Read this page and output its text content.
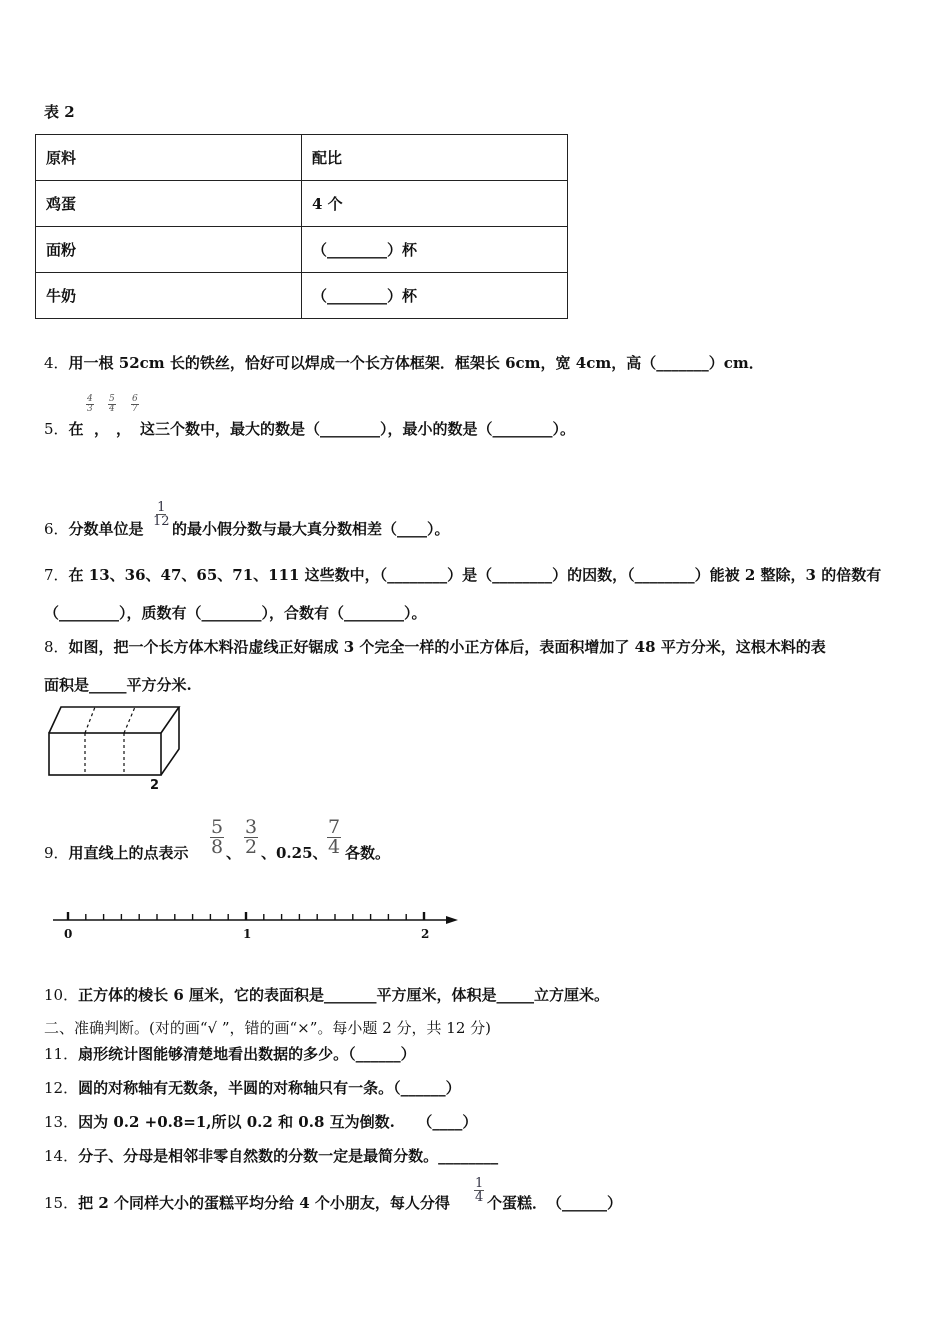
表 2
原料	配比
鸡蛋	4 个
面粉	（________）杯
牛奶	（________）杯
4．用一根 52cm 长的铁丝，恰好可以焊成一个长方体框架．框架长 6cm，宽 4cm，高（_______）cm．
5．在
$\frac{4}{3}$
，
$\frac{5}{4}$
，
$\frac{6}{7}$
这三个数中，最大的数是（________），最小的数是（________）。
6．分数单位是
$\frac{1}{12}$
的最小假分数与最大真分数相差（____）。
7．在 13、36、47、65、71、111 这些数中，（________）是（________）的因数，（________）能被 2 整除，3 的倍数有
（________），质数有（________），合数有（________）。
8．如图，把一个长方体木料沿虚线正好锯成 3 个完全一样的小正方体后，表面积增加了 48 平方分米，这根木料的表
面积是_____平方分米.
2
9．用直线上的点表示 $\frac{5}{8}$ 、 $\frac{3}{2}$ 、0.25、 $\frac{7}{4}$ 各数。
0	1	2
10．正方体的棱长 6 厘米，它的表面积是_______平方厘米，体积是_____立方厘米。
二、准确判断。(对的画“√ ”，错的画“×”。每小题 2 分，共 12 分)
11．扇形统计图能够清楚地看出数据的多少。（______）
12．圆的对称轴有无数条，半圆的对称轴只有一条。（______）
13．因为 0.2 +0.8=1,所以 0.2 和 0.8 互为倒数.　　（____）
14．分子、分母是相邻非零自然数的分数一定是最简分数。________
15．把 2 个同样大小的蛋糕平均分给 4 个小朋友，每人分得 $\frac{1}{4}$ 个蛋糕．　（______）
